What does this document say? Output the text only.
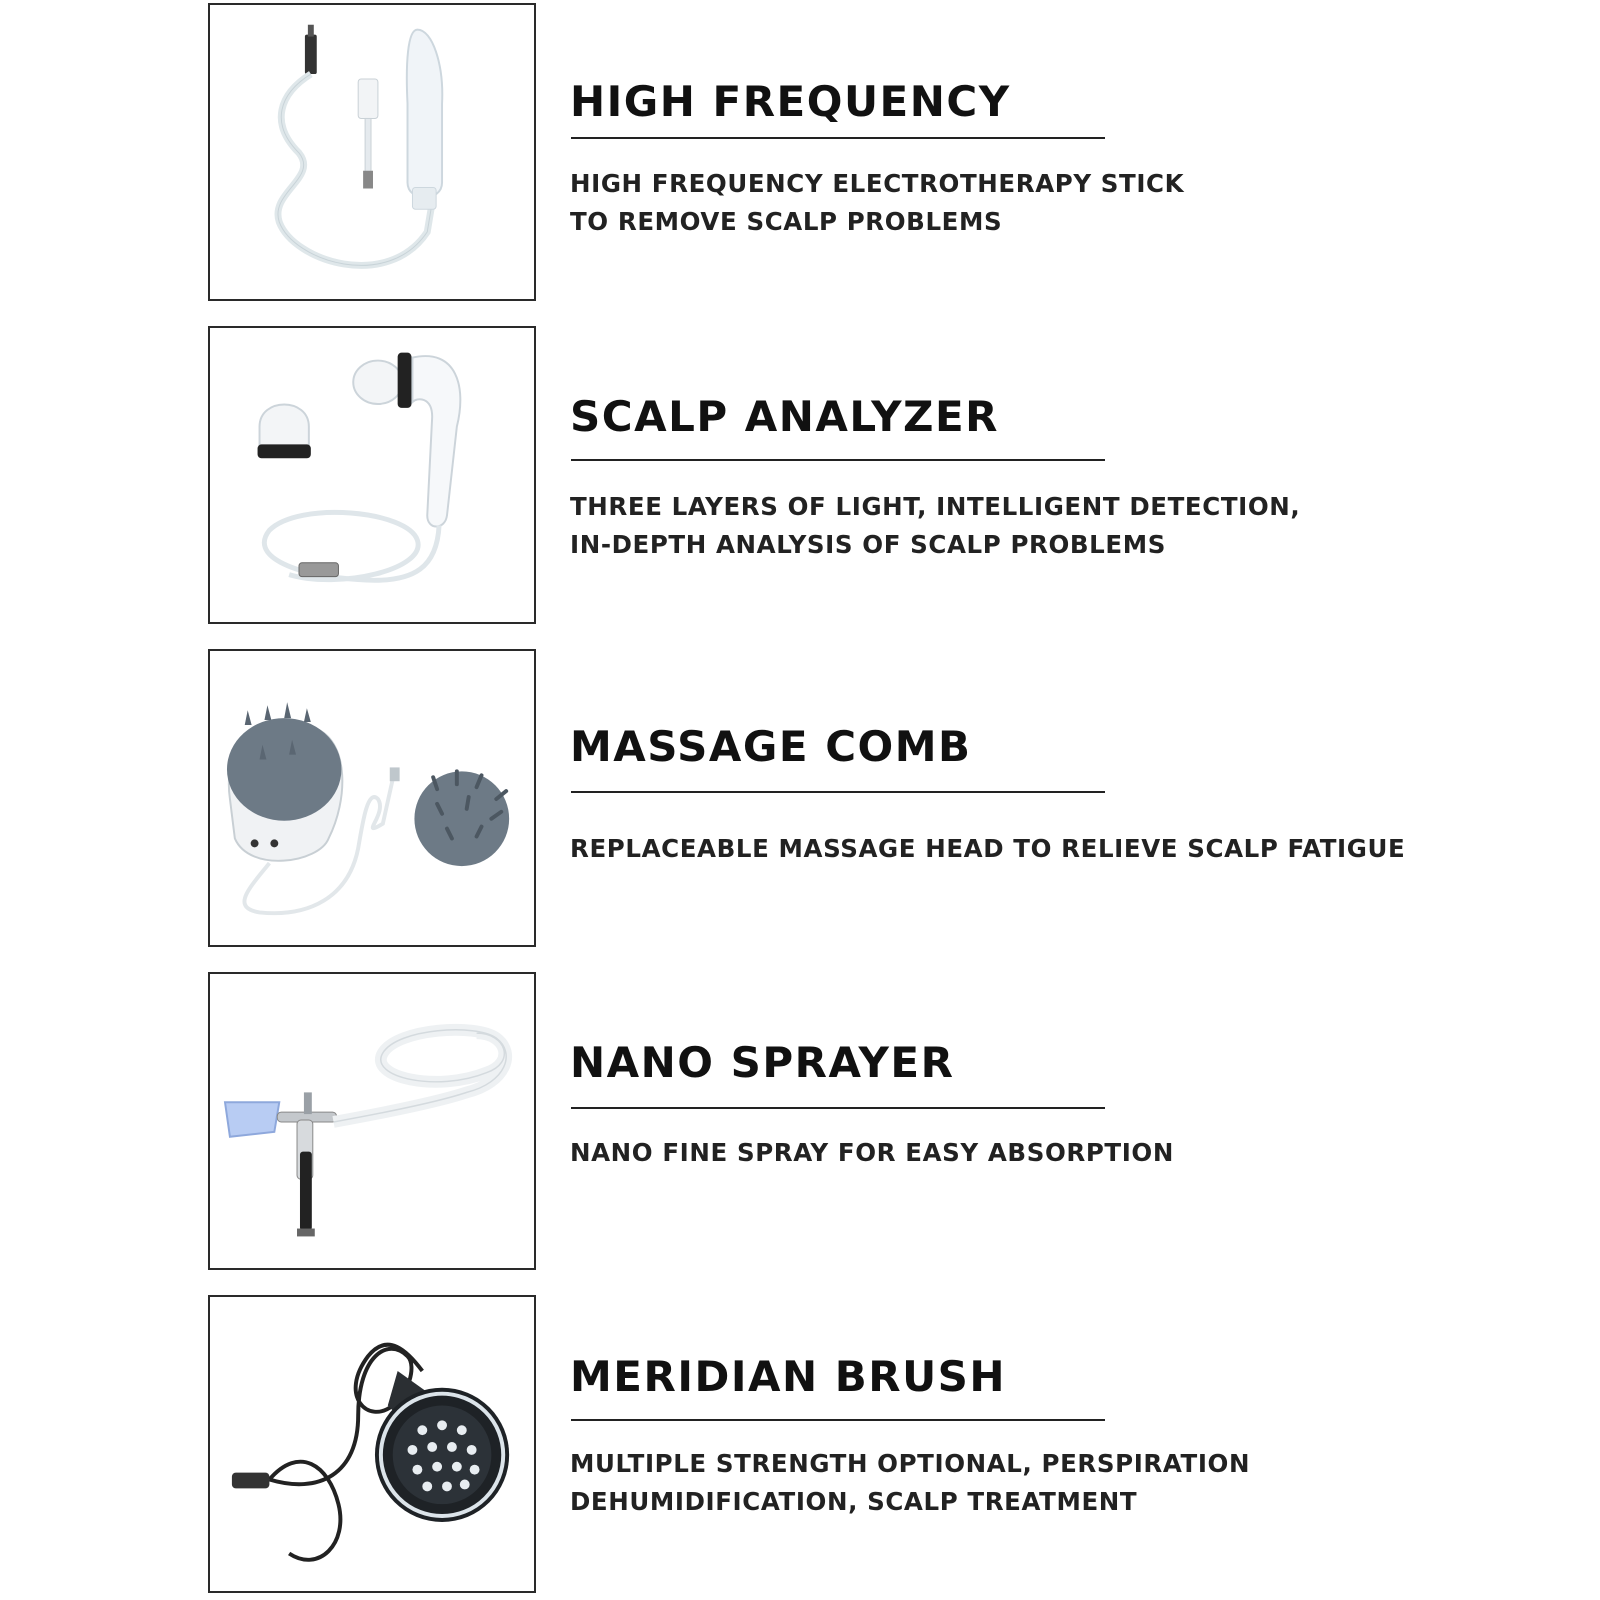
HIGH FREQUENCY

HIGH FREQUENCY ELECTROTHERAPY STICK
TO REMOVE SCALP PROBLEMS

SCALP ANALYZER

THREE LAYERS OF LIGHT, INTELLIGENT DETECTION,
IN-DEPTH ANALYSIS OF SCALP PROBLEMS

MASSAGE COMB

REPLACEABLE MASSAGE HEAD TO RELIEVE SCALP FATIGUE

NANO SPRAYER

NANO FINE SPRAY FOR EASY ABSORPTION

MERIDIAN BRUSH

MULTIPLE STRENGTH OPTIONAL, PERSPIRATION
DEHUMIDIFICATION, SCALP TREATMENT
